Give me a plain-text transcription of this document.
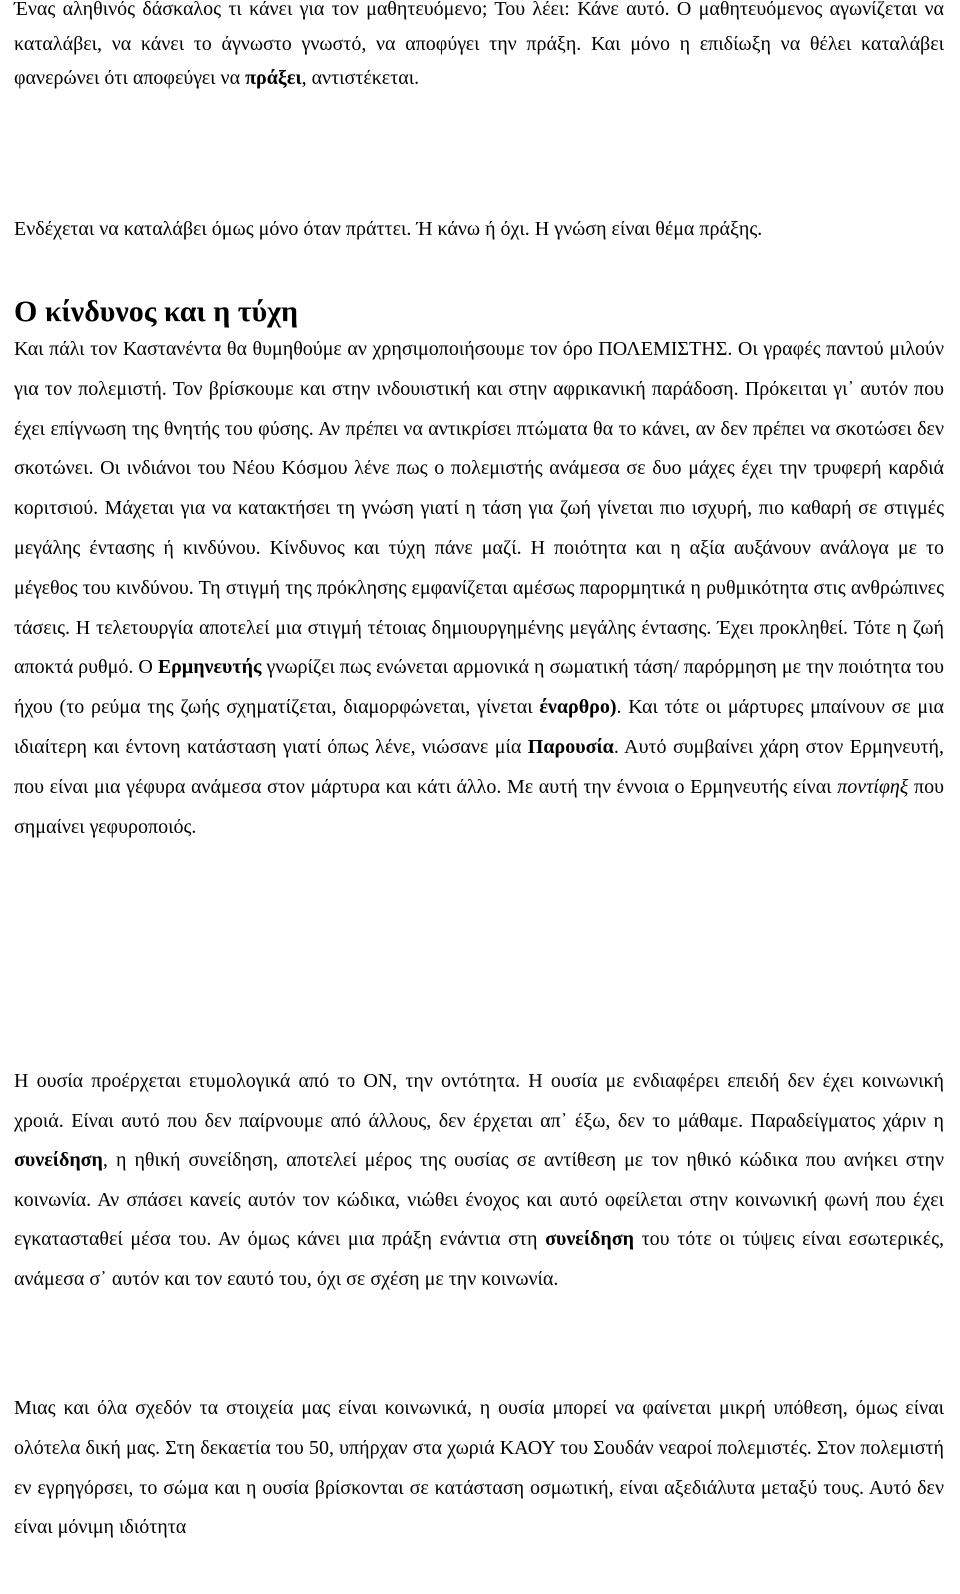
Ένας αληθινός δάσκαλος τι κάνει για τον μαθητευόμενο; Του λέει: Κάνε αυτό. Ο μαθητευόμενος αγωνίζεται να καταλάβει, να κάνει το άγνωστο γνωστό, να αποφύγει την πράξη. Και μόνο η επιδίωξη να θέλει καταλάβει φανερώνει ότι αποφεύγει να πράξει, αντιστέκεται.

Ενδέχεται να καταλάβει όμως μόνο όταν πράττει. Ή κάνω ή όχι. Η γνώση είναι θέμα πράξης.

Ο κίνδυνος και η τύχη

Και πάλι τον Καστανέντα θα θυμηθούμε αν χρησιμοποιήσουμε τον όρο ΠΟΛΕΜΙΣΤΗΣ. Οι γραφές παντού μιλούν για τον πολεμιστή. Τον βρίσκουμε και στην ινδουιστική και στην αφρικανική παράδοση. Πρόκειται γι᾽ αυτόν που έχει επίγνωση της θνητής του φύσης. Αν πρέπει να αντικρίσει πτώματα θα το κάνει, αν δεν πρέπει να σκοτώσει δεν σκοτώνει. Οι ινδιάνοι του Νέου Κόσμου λένε πως ο πολεμιστής ανάμεσα σε δυο μάχες έχει την τρυφερή καρδιά κοριτσιού. Μάχεται για να κατακτήσει τη γνώση γιατί η τάση για ζωή γίνεται πιο ισχυρή, πιο καθαρή σε στιγμές μεγάλης έντασης ή κινδύνου. Κίνδυνος και τύχη πάνε μαζί. Η ποιότητα και η αξία αυξάνουν ανάλογα με το μέγεθος του κινδύνου. Τη στιγμή της πρόκλησης εμφανίζεται αμέσως παρορμητικά η ρυθμικότητα στις ανθρώπινες τάσεις. Η τελετουργία αποτελεί μια στιγμή τέτοιας δημιουργημένης μεγάλης έντασης. Έχει προκληθεί. Τότε η ζωή αποκτά ρυθμό. Ο Ερμηνευτής γνωρίζει πως ενώνεται αρμονικά η σωματική τάση/ παρόρμηση με την ποιότητα του ήχου (το ρεύμα της ζωής σχηματίζεται, διαμορφώνεται, γίνεται έναρθρο). Και τότε οι μάρτυρες μπαίνουν σε μια ιδιαίτερη και έντονη κατάσταση γιατί όπως λένε, νιώσανε μία Παρουσία. Αυτό συμβαίνει χάρη στον Ερμηνευτή, που είναι μια γέφυρα ανάμεσα στον μάρτυρα και κάτι άλλο. Με αυτή την έννοια ο Ερμηνευτής είναι ποντίφηξ που σημαίνει γεφυροποιός.

Η ουσία προέρχεται ετυμολογικά από το ΟΝ, την οντότητα. Η ουσία με ενδιαφέρει επειδή δεν έχει κοινωνική χροιά. Είναι αυτό που δεν παίρνουμε από άλλους, δεν έρχεται απ᾽ έξω, δεν το μάθαμε. Παραδείγματος χάριν η συνείδηση, η ηθική συνείδηση, αποτελεί μέρος της ουσίας σε αντίθεση με τον ηθικό κώδικα που ανήκει στην κοινωνία. Αν σπάσει κανείς αυτόν τον κώδικα, νιώθει ένοχος και αυτό οφείλεται στην κοινωνική φωνή που έχει εγκατασταθεί μέσα του. Αν όμως κάνει μια πράξη ενάντια στη συνείδηση του τότε οι τύψεις είναι εσωτερικές, ανάμεσα σ᾽ αυτόν και τον εαυτό του, όχι σε σχέση με την κοινωνία.

Μιας και όλα σχεδόν τα στοιχεία μας είναι κοινωνικά, η ουσία μπορεί να φαίνεται μικρή υπόθεση, όμως είναι ολότελα δική μας. Στη δεκαετία του 50, υπήρχαν στα χωριά ΚΑΟΥ του Σουδάν νεαροί πολεμιστές. Στον πολεμιστή εν εγρηγόρσει, το σώμα και η ουσία βρίσκονται σε κατάσταση οσμωτική, είναι αξεδιάλυτα μεταξύ τους. Αυτό δεν είναι μόνιμη ιδιότητα
